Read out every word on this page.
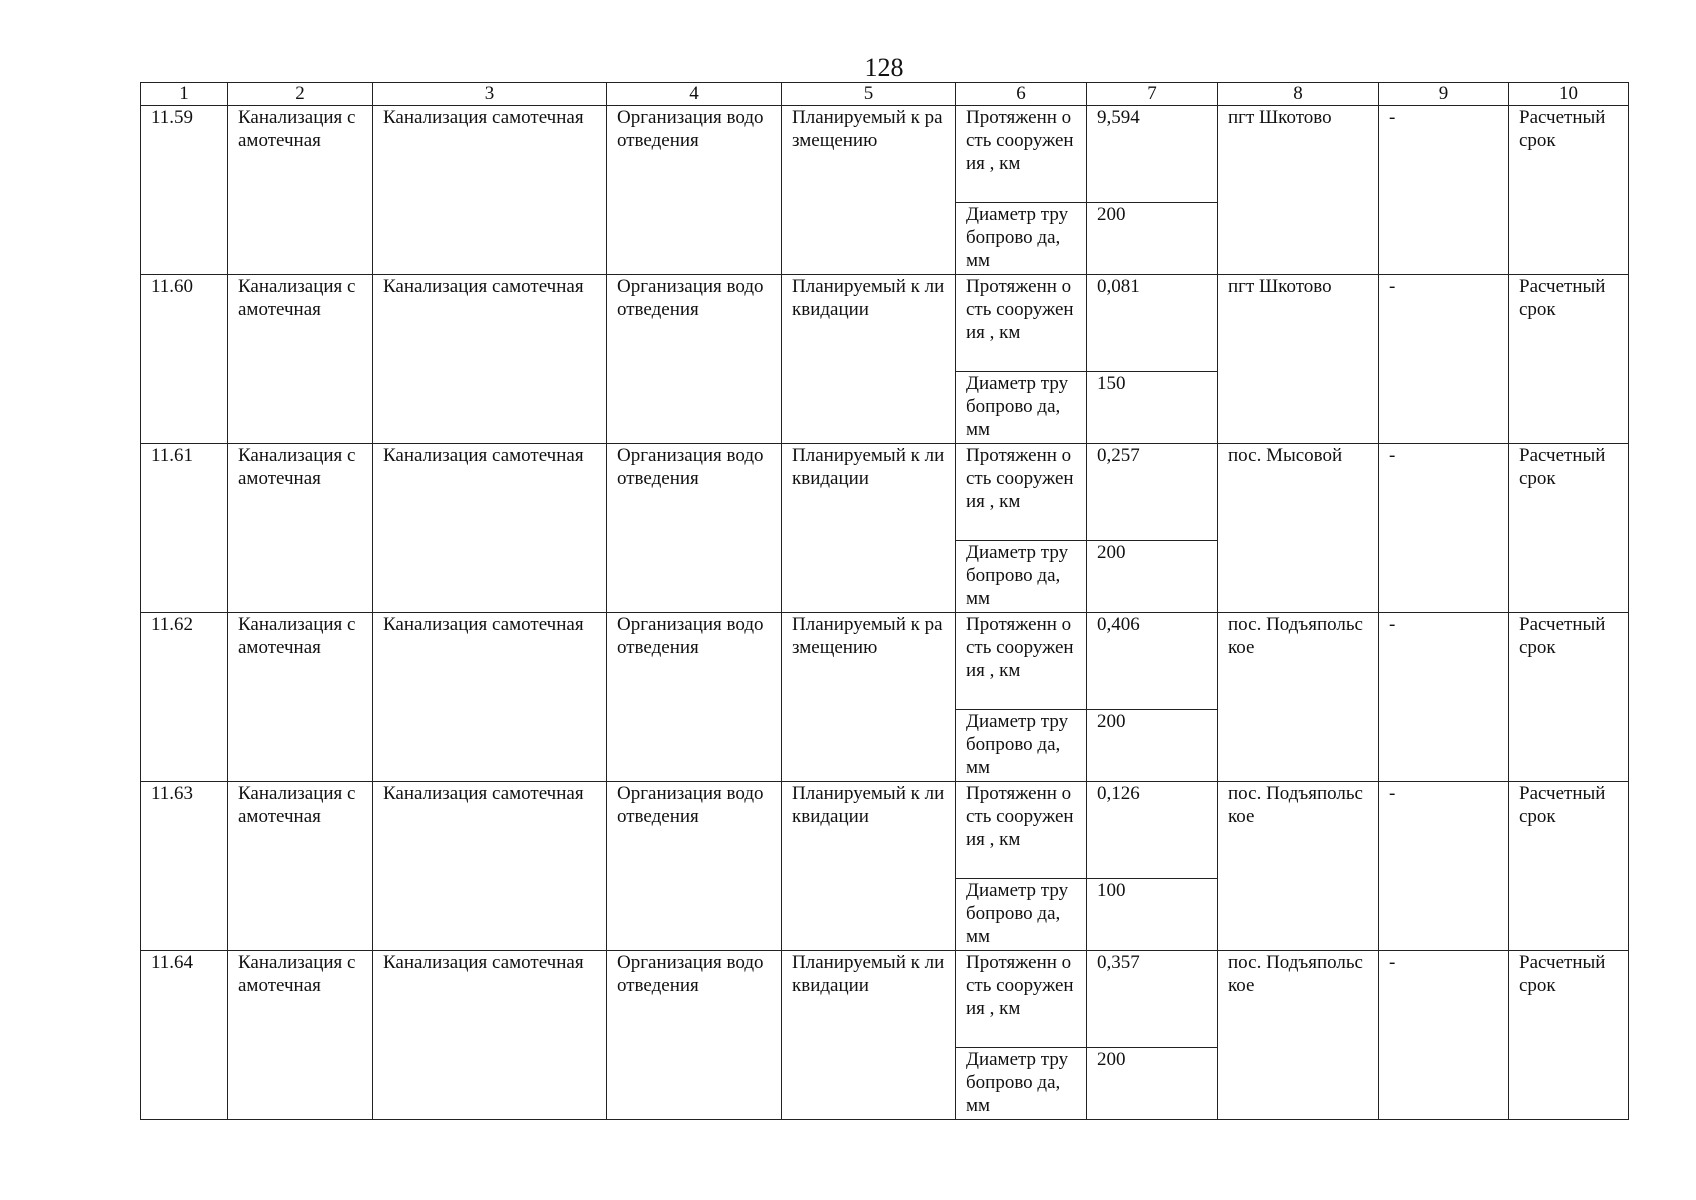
128
1	2	3	4	5	6	7	8	9	10
11.59	Канализация самотечная	Канализация самотечная	Организация водоотведения	Планируемый к размещению	Протяженн ость сооружения , км	9,594	пгт Шкотово	-	Расчетный срок
					Диаметр трубопрово да, мм	200			
11.60	Канализация самотечная	Канализация самотечная	Организация водоотведения	Планируемый к ликвидации	Протяженн ость сооружения , км	0,081	пгт Шкотово	-	Расчетный срок
					Диаметр трубопрово да, мм	150			
11.61	Канализация самотечная	Канализация самотечная	Организация водоотведения	Планируемый к ликвидации	Протяженн ость сооружения , км	0,257	пос. Мысовой	-	Расчетный срок
					Диаметр трубопрово да, мм	200			
11.62	Канализация самотечная	Канализация самотечная	Организация водоотведения	Планируемый к размещению	Протяженн ость сооружения , км	0,406	пос. Подъяпольское	-	Расчетный срок
					Диаметр трубопрово да, мм	200			
11.63	Канализация самотечная	Канализация самотечная	Организация водоотведения	Планируемый к ликвидации	Протяженн ость сооружения , км	0,126	пос. Подъяпольское	-	Расчетный срок
					Диаметр трубопрово да, мм	100			
11.64	Канализация самотечная	Канализация самотечная	Организация водоотведения	Планируемый к ликвидации	Протяженн ость сооружения , км	0,357	пос. Подъяпольское	-	Расчетный срок
					Диаметр трубопрово да, мм	200			
